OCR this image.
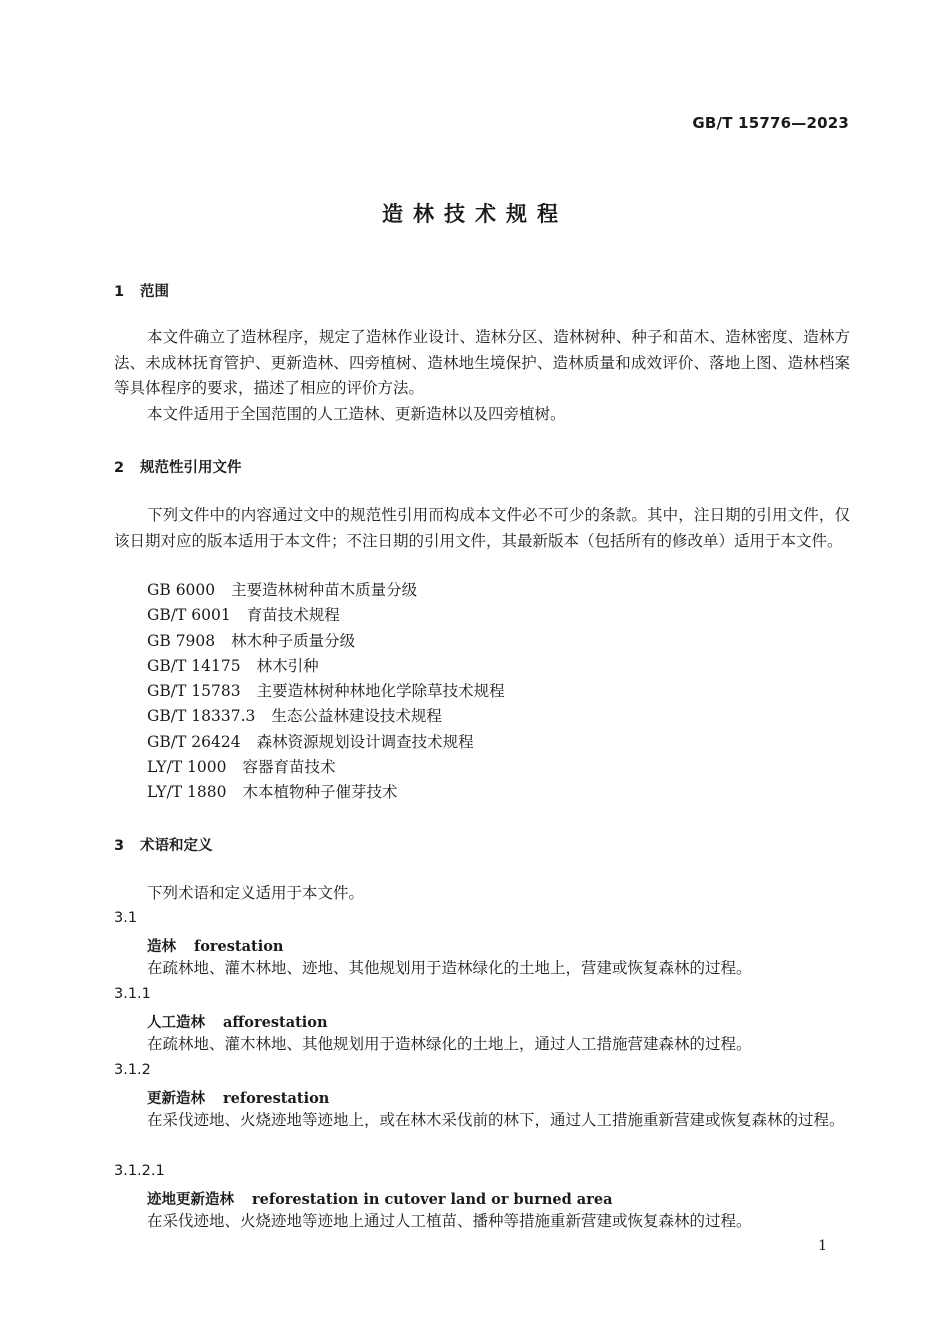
GB/T 15776—2023
造林技术规程
1 范围

本文件确立了造林程序，规定了造林作业设计、造林分区、造林树种、种子和苗木、造林密度、造林方法、未成林抚育管护、更新造林、四旁植树、造林地生境保护、造林质量和成效评价、落地上图、造林档案等具体程序的要求，描述了相应的评价方法。

本文件适用于全国范围的人工造林、更新造林以及四旁植树。

2 规范性引用文件

下列文件中的内容通过文中的规范性引用而构成本文件必不可少的条款。其中，注日期的引用文件，仅该日期对应的版本适用于本文件；不注日期的引用文件，其最新版本（包括所有的修改单）适用于本文件。

GB 6000 主要造林树种苗木质量分级
GB/T 6001 育苗技术规程
GB 7908 林木种子质量分级
GB/T 14175 林木引种
GB/T 15783 主要造林树种林地化学除草技术规程
GB/T 18337.3 生态公益林建设技术规程
GB/T 26424 森林资源规划设计调查技术规程
LY/T 1000 容器育苗技术
LY/T 1880 木本植物种子催芽技术
3 术语和定义

下列术语和定义适用于本文件。

3.1
造林 forestation

在疏林地、灌木林地、迹地、其他规划用于造林绿化的土地上，营建或恢复森林的过程。

3.1.1
人工造林 afforestation

在疏林地、灌木林地、其他规划用于造林绿化的土地上，通过人工措施营建森林的过程。

3.1.2
更新造林 reforestation

在采伐迹地、火烧迹地等迹地上，或在林木采伐前的林下，通过人工措施重新营建或恢复森林的过程。

3.1.2.1
迹地更新造林 reforestation in cutover land or burned area

在采伐迹地、火烧迹地等迹地上通过人工植苗、播种等措施重新营建或恢复森林的过程。

1
